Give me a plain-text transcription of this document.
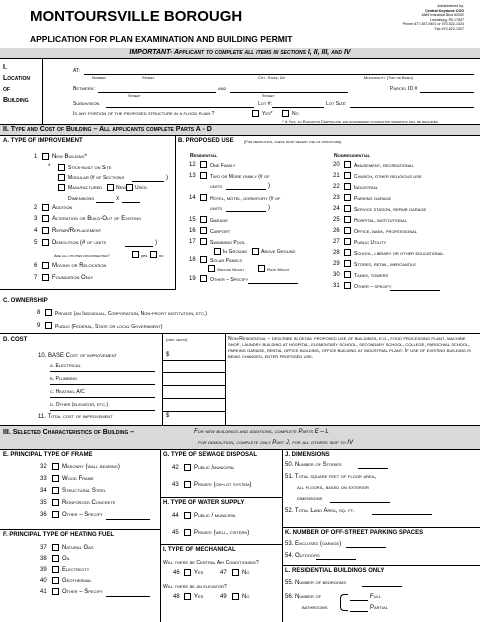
MONTOURSVILLE BOROUGH
APPLICATION FOR PLAN EXAMINATION AND BUILDING PERMIT
Administered by:
Central Keystone COG
1669 Industrial Blvd #2002
Lewisburg, PA 17837
Phone 877-457-9401 or 570-522-1324
Fax 570-522-1327
IMPORTANT- Applicant to complete all items in sections I, II, III, and IV
I.
Location
of
Building
AT:
Number	Street	City, State, Zip	Municipality (Twp or Boro)
Between:	and	Parcel ID #
Street	Street
Subdivision	Lot #:	Lot Size:
Is any portion of the proposed structure in a flood plain ?	Yes*	No
* If Yes, an Elevation Certificate and engineered foundation drawings will be required
II. Type and Cost of Building – All applicants complete Parts A - D
A. TYPE OF IMPROVEMENT
1 New Building*
*	Stick-built on Site
Modular (# of Sections	)
Manufactured	New Used
Dimensions	X
2 Addition
3 Alteration or Build-Out of Existing
4 Repair/Replacement
5 Demolition (# of units	)
Are all utilities disconnected?	yes	no
6 Moving or Relocation
7 Foundation Only
B. PROPOSED USE	(For demolition, check most recent use of structure)
Residential	Nonresidential
12	One Family
13	Two or More family (# of
units	)
14	Hotel, motel, dormitory (# of
units	)
15	Garage
16	Carport
17	Swimming Pool
In Ground	Above Ground
18	Solar Panels
Ground Mount	Roof Mount
19	Other – Specify
20	Amusement, recreational
21	Church, other religious use
22	Industrial
23	Parking garage
24	Service station, repair garage
25	Hospital, institutional
26	Office, bank, professional
27	Public Utility
28	School, library or other educational
29	Stores, retail, mercantile
30	Tanks, towers
31	Other – specify
C. OWNERSHIP
8	Private (an Individual, Corporation, Non-profit institution, etc.)
9	Public (Federal, State or local Government)
D. COST	(omit cents)	Non-Residential – describe in detail proposed use of buildings, e.g., food processing plant, machine shop, laundry building at hospital, elementary school, secondary school, college, parochial school, parking garage, rental office building, office building at industrial plant. If use of existing building is being changed, enter proposed use.
10. BASE Cost of improvement	$
a. Electrical
b. Plumbing
c. Heating, A/C
d. Other (elevator, etc.)
11. Total cost of improvement	$
III. Selected Characteristics of Building –	For new buildings and additions, complete Parts E – L
for demolition, complete only Part J, for all others skip to IV
E. PRINCIPAL TYPE OF FRAME
32	Masonry (wall bearing)
33	Wood Frame
34	Structural Steel
35	Reinforced Concrete
36	Other – Specify
F. PRINCIPAL TYPE OF HEATING FUEL
37	Natural Gas
38	Oil
39	Electricity
40	Geothermal
41	Other – Specify
G. TYPE OF SEWAGE DISPOSAL
42	Public /municipal
43	Private (on-lot system)
H. TYPE OF WATER SUPPLY
44	Public / municipal
45	Private (well, cistern)
I. TYPE OF MECHANICAL
Will there be Central Air Conditioning?
46 Yes	47	No
Will there be an elevator?
48 Yes	49	No
J. DIMENSIONS
50. Number of Stories
51. Total square feet of floor area,
all floors, based on exterior
dimensions
52. Total Land Area, sq. ft.
K. NUMBER OF OFF-STREET PARKING SPACES
53. Enclosed (garage)
54. Outdoors
L. RESIDENTIAL BUILDINGS ONLY
55. Number of bedrooms
56. Number of
bathrooms
Full
Partial
